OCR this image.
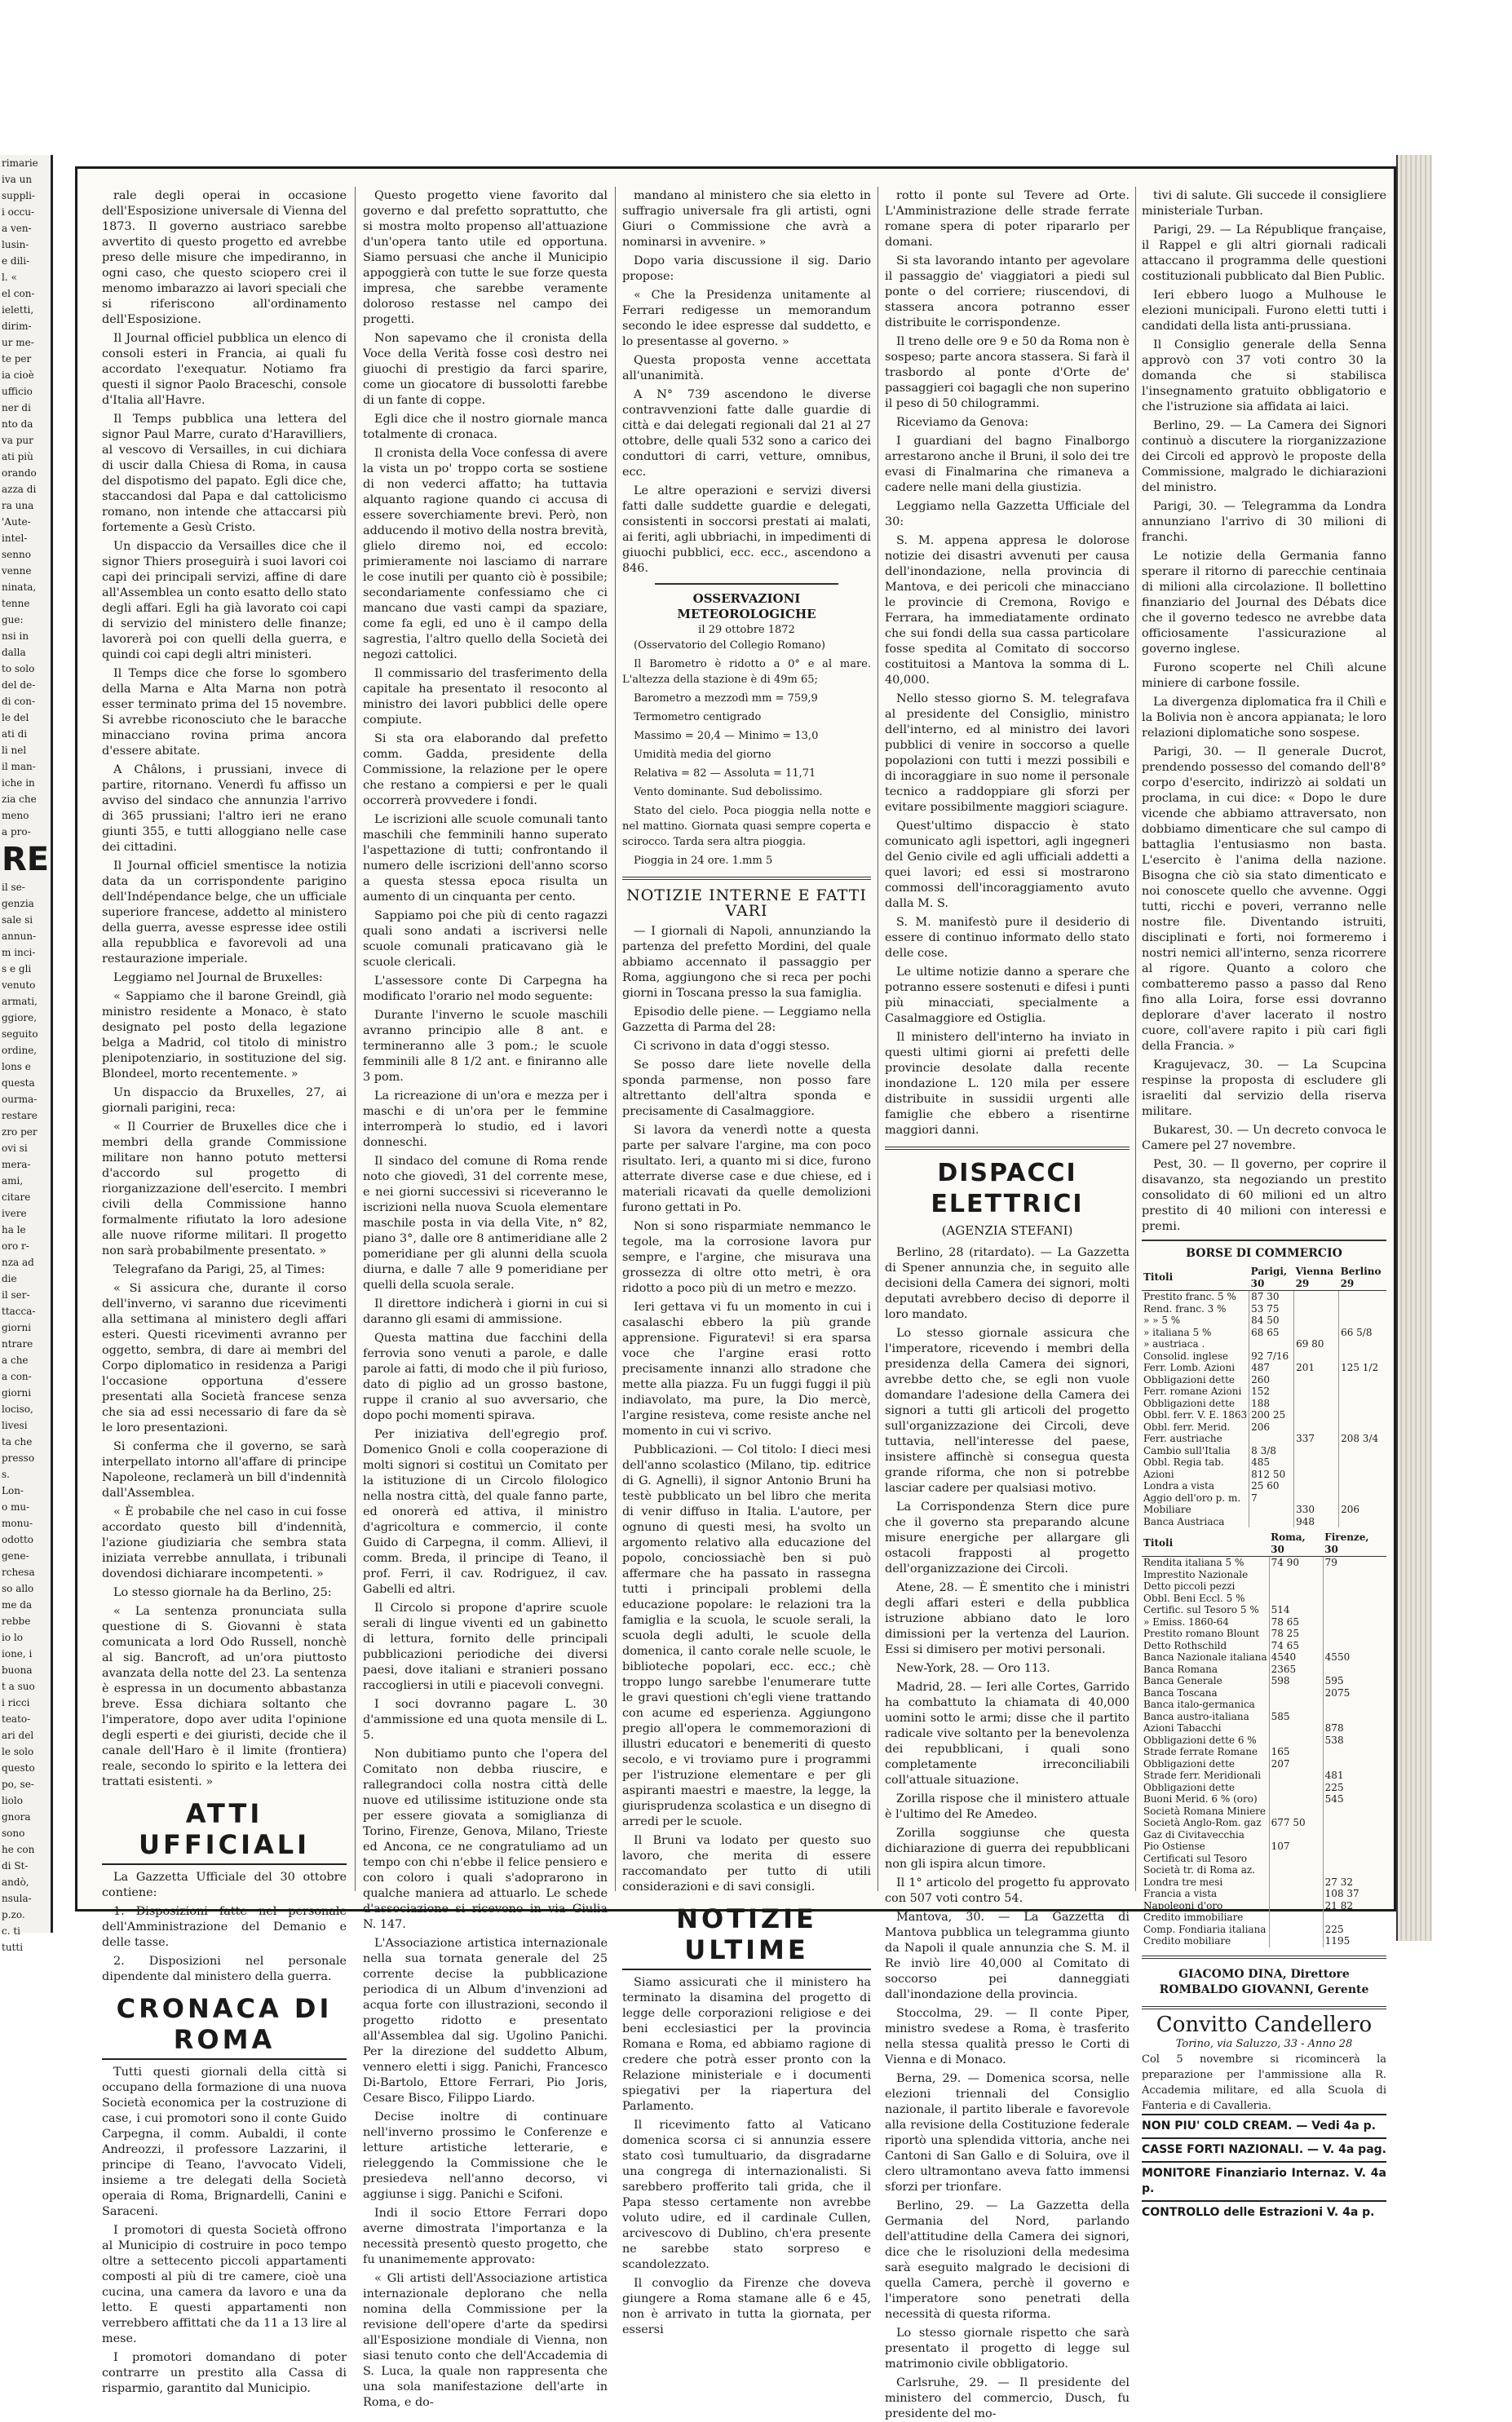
rimarie
iva un
suppli-
i occu-
a ven-
lusin-
e dili-
l. «
el con-
ieletti,
dirim-
ur me-
te per
ia cioè
ufficio
ner di
nto da
va pur
ati più
orando
azza di
ra una
'Aute-
intel-
senno
venne
ninata,
tenne
gue:
nsi in
dalla
to solo
del de-
di con-
le del
ati di
li nel
il man-
iche in
zia che
meno
a pro-
RE
il se-
genzia
sale si
annun-
m inci-
s e gli
venuto
armati,
ggiore,
seguito
ordine,
lons e
questa
ourma-
restare
zro per
ovi si
mera-
ami,
citare
ivere
ha le
oro r-
nza ad
die
il ser-
ttacca-
giorni
ntrare
a che
a con-
giorni
lociso,
livesi
ta che
presso
s.
Lon-
o mu-
monu-
odotto
gene-
rchesa
so allo
me da
rebbe
io lo
ione, i
buona
t a suo
i ricci
teato-
ari del
le solo
questo
po, se-
liolo
gnora
sono
he con
di St-
andò,
nsula-
p.zo.
c. ti
tutti

rale degli operai in occasione dell'Esposizione universale di Vienna del 1873. Il governo austriaco sarebbe avvertito di questo progetto ed avrebbe preso delle misure che impediranno, in ogni caso, che questo sciopero crei il menomo imbarazzo ai lavori speciali che si riferiscono all'ordinamento dell'Esposizione.

Il Journal officiel pubblica un elenco di consoli esteri in Francia, ai quali fu accordato l'exequatur. Notiamo fra questi il signor Paolo Braceschi, console d'Italia all'Havre.

Il Temps pubblica una lettera del signor Paul Marre, curato d'Haravilliers, al vescovo di Versailles, in cui dichiara di uscir dalla Chiesa di Roma, in causa del dispotismo del papato. Egli dice che, staccandosi dal Papa e dal cattolicismo romano, non intende che attaccarsi più fortemente a Gesù Cristo.

Un dispaccio da Versailles dice che il signor Thiers proseguirà i suoi lavori coi capi dei principali servizi, affine di dare all'Assemblea un conto esatto dello stato degli affari. Egli ha già lavorato coi capi di servizio del ministero delle finanze; lavorerà poi con quelli della guerra, e quindi coi capi degli altri ministeri.

Il Temps dice che forse lo sgombero della Marna e Alta Marna non potrà esser terminato prima del 15 novembre. Si avrebbe riconosciuto che le baracche minacciano rovina prima ancora d'essere abitate.

A Châlons, i prussiani, invece di partire, ritornano. Venerdì fu affisso un avviso del sindaco che annunzia l'arrivo di 365 prussiani; l'altro ieri ne erano giunti 355, e tutti alloggiano nelle case dei cittadini.

Il Journal officiel smentisce la notizia data da un corrispondente parigino dell'Indépendance belge, che un ufficiale superiore francese, addetto al ministero della guerra, avesse espresse idee ostili alla repubblica e favorevoli ad una restaurazione imperiale.

Leggiamo nel Journal de Bruxelles:

« Sappiamo che il barone Greindl, già ministro residente a Monaco, è stato designato pel posto della legazione belga a Madrid, col titolo di ministro plenipotenziario, in sostituzione del sig. Blondeel, morto recentemente. »

Un dispaccio da Bruxelles, 27, ai giornali parigini, reca:

« Il Courrier de Bruxelles dice che i membri della grande Commissione militare non hanno potuto mettersi d'accordo sul progetto di riorganizzazione dell'esercito. I membri civili della Commissione hanno formalmente rifiutato la loro adesione alle nuove riforme militari. Il progetto non sarà probabilmente presentato. »

Telegrafano da Parigi, 25, al Times:

« Si assicura che, durante il corso dell'inverno, vi saranno due ricevimenti alla settimana al ministero degli affari esteri. Questi ricevimenti avranno per oggetto, sembra, di dare ai membri del Corpo diplomatico in residenza a Parigi l'occasione opportuna d'essere presentati alla Società francese senza che sia ad essi necessario di fare da sè le loro presentazioni.

Si conferma che il governo, se sarà interpellato intorno all'affare di principe Napoleone, reclamerà un bill d'indennità dall'Assemblea.

« È probabile che nel caso in cui fosse accordato questo bill d'indennità, l'azione giudiziaria che sembra stata iniziata verrebbe annullata, i tribunali dovendosi dichiarare incompetenti. »

Lo stesso giornale ha da Berlino, 25:

« La sentenza pronunciata sulla questione di S. Giovanni è stata comunicata a lord Odo Russell, nonchè al sig. Bancroft, ad un'ora piuttosto avanzata della notte del 23. La sentenza è espressa in un documento abbastanza breve. Essa dichiara soltanto che l'imperatore, dopo aver udita l'opinione degli esperti e dei giuristi, decide che il canale dell'Haro è il limite (frontiera) reale, secondo lo spirito e la lettera dei trattati esistenti. »

ATTI UFFICIALI

La Gazzetta Ufficiale del 30 ottobre contiene:

1. Disposizioni fatte nel personale dell'Amministrazione del Demanio e delle tasse.

2. Disposizioni nel personale dipendente dal ministero della guerra.

CRONACA DI ROMA

Tutti questi giornali della città si occupano della formazione di una nuova Società economica per la costruzione di case, i cui promotori sono il conte Guido Carpegna, il comm. Aubaldi, il conte Andreozzi, il professore Lazzarini, il principe di Teano, l'avvocato Videli, insieme a tre delegati della Società operaia di Roma, Brignardelli, Canini e Saraceni.

I promotori di questa Società offrono al Municipio di costruire in poco tempo oltre a settecento piccoli appartamenti composti al più di tre camere, cioè una cucina, una camera da lavoro e una da letto. E questi appartamenti non verrebbero affittati che da 11 a 13 lire al mese.

I promotori domandano di poter contrarre un prestito alla Cassa di risparmio, garantito dal Municipio.

Questo progetto viene favorito dal governo e dal prefetto soprattutto, che si mostra molto propenso all'attuazione d'un'opera tanto utile ed opportuna. Siamo persuasi che anche il Municipio appoggierà con tutte le sue forze questa impresa, che sarebbe veramente doloroso restasse nel campo dei progetti.

Non sapevamo che il cronista della Voce della Verità fosse così destro nei giuochi di prestigio da farci sparire, come un giocatore di bussolotti farebbe di un fante di coppe.

Egli dice che il nostro giornale manca totalmente di cronaca.

Il cronista della Voce confessa di avere la vista un po' troppo corta se sostiene di non vederci affatto; ha tuttavia alquanto ragione quando ci accusa di essere soverchiamente brevi. Però, non adducendo il motivo della nostra brevità, glielo diremo noi, ed eccolo: primieramente noi lasciamo di narrare le cose inutili per quanto ciò è possibile; secondariamente confessiamo che ci mancano due vasti campi da spaziare, come fa egli, ed uno è il campo della sagrestia, l'altro quello della Società dei negozi cattolici.

Il commissario del trasferimento della capitale ha presentato il resoconto al ministro dei lavori pubblici delle opere compiute.

Si sta ora elaborando dal prefetto comm. Gadda, presidente della Commissione, la relazione per le opere che restano a compiersi e per le quali occorrerà provvedere i fondi.

Le iscrizioni alle scuole comunali tanto maschili che femminili hanno superato l'aspettazione di tutti; confrontando il numero delle iscrizioni dell'anno scorso a questa stessa epoca risulta un aumento di un cinquanta per cento.

Sappiamo poi che più di cento ragazzi quali sono andati a iscriversi nelle scuole comunali praticavano già le scuole clericali.

L'assessore conte Di Carpegna ha modificato l'orario nel modo seguente:

Durante l'inverno le scuole maschili avranno principio alle 8 ant. e termineranno alle 3 pom.; le scuole femminili alle 8 1/2 ant. e finiranno alle 3 pom.

La ricreazione di un'ora e mezza per i maschi e di un'ora per le femmine interromperà lo studio, ed i lavori donneschi.

Il sindaco del comune di Roma rende noto che giovedì, 31 del corrente mese, e nei giorni successivi si riceveranno le iscrizioni nella nuova Scuola elementare maschile posta in via della Vite, n° 82, piano 3°, dalle ore 8 antimeridiane alle 2 pomeridiane per gli alunni della scuola diurna, e dalle 7 alle 9 pomeridiane per quelli della scuola serale.

Il direttore indicherà i giorni in cui si daranno gli esami di ammissione.

Questa mattina due facchini della ferrovia sono venuti a parole, e dalle parole ai fatti, di modo che il più furioso, dato di piglio ad un grosso bastone, ruppe il cranio al suo avversario, che dopo pochi momenti spirava.

Per iniziativa dell'egregio prof. Domenico Gnoli e colla cooperazione di molti signori si costituì un Comitato per la istituzione di un Circolo filologico nella nostra città, del quale fanno parte, ed onorerà ed attiva, il ministro d'agricoltura e commercio, il conte Guido di Carpegna, il comm. Allievi, il comm. Breda, il principe di Teano, il prof. Ferri, il cav. Rodriguez, il cav. Gabelli ed altri.

Il Circolo si propone d'aprire scuole serali di lingue viventi ed un gabinetto di lettura, fornito delle principali pubblicazioni periodiche dei diversi paesi, dove italiani e stranieri possano raccogliersi in utili e piacevoli convegni.

I soci dovranno pagare L. 30 d'ammissione ed una quota mensile di L. 5.

Non dubitiamo punto che l'opera del Comitato non debba riuscire, e rallegrandoci colla nostra città delle nuove ed utilissime istituzione onde sta per essere giovata a somiglianza di Torino, Firenze, Genova, Milano, Trieste ed Ancona, ce ne congratuliamo ad un tempo con chi n'ebbe il felice pensiero e con coloro i quali s'adoprarono in qualche maniera ad attuarlo. Le schede d'associazione si ricevono in via Giulia N. 147.

L'Associazione artistica internazionale nella sua tornata generale del 25 corrente decise la pubblicazione periodica di un Album d'invenzioni ad acqua forte con illustrazioni, secondo il progetto ridotto e presentato all'Assemblea dal sig. Ugolino Panichi. Per la direzione del suddetto Album, vennero eletti i sigg. Panichi, Francesco Di-Bartolo, Ettore Ferrari, Pio Joris, Cesare Bisco, Filippo Liardo.

Decise inoltre di continuare nell'inverno prossimo le Conferenze e letture artistiche letterarie, e rieleggendo la Commissione che le presiedeva nell'anno decorso, vi aggiunse i sigg. Panichi e Scifoni.

Indi il socio Ettore Ferrari dopo averne dimostrata l'importanza e la necessità presentò questo progetto, che fu unanimemente approvato:

« Gli artisti dell'Associazione artistica internazionale deplorano che nella nomina della Commissione per la revisione dell'opere d'arte da spedirsi all'Esposizione mondiale di Vienna, non siasi tenuto conto che dell'Accademia di S. Luca, la quale non rappresenta che una sola manifestazione dell'arte in Roma, e do-

mandano al ministero che sia eletto in suffragio universale fra gli artisti, ogni Giuri o Commissione che avrà a nominarsi in avvenire. »

Dopo varia discussione il sig. Dario propose:

« Che la Presidenza unitamente al Ferrari redigesse un memorandum secondo le idee espresse dal suddetto, e lo presentasse al governo. »

Questa proposta venne accettata all'unanimità.

A N° 739 ascendono le diverse contravvenzioni fatte dalle guardie di città e dai delegati regionali dal 21 al 27 ottobre, delle quali 532 sono a carico dei conduttori di carri, vetture, omnibus, ecc.

Le altre operazioni e servizi diversi fatti dalle suddette guardie e delegati, consistenti in soccorsi prestati ai malati, ai feriti, agli ubbriachi, in impedimenti di giuochi pubblici, ecc. ecc., ascendono a 846.

OSSERVAZIONI METEOROLOGICHE
il 29 ottobre 1872

(Osservatorio del Collegio Romano)

Il Barometro è ridotto a 0° e al mare. L'altezza della stazione è di 49m 65;

Barometro a mezzodì mm = 759,9

Termometro centigrado

Massimo = 20,4 — Minimo = 13,0

Umidità media del giorno

Relativa = 82 — Assoluta = 11,71

Vento dominante. Sud debolissimo.

Stato del cielo. Poca pioggia nella notte e nel mattino. Giornata quasi sempre coperta e scirocco. Tarda sera altra pioggia.

Pioggia in 24 ore. 1.mm 5

NOTIZIE INTERNE E FATTI VARI

— I giornali di Napoli, annunziando la partenza del prefetto Mordini, del quale abbiamo accennato il passaggio per Roma, aggiungono che si reca per pochi giorni in Toscana presso la sua famiglia.

Episodio delle piene. — Leggiamo nella Gazzetta di Parma del 28:

Ci scrivono in data d'oggi stesso.

Se posso dare liete novelle della sponda parmense, non posso fare altrettanto dell'altra sponda e precisamente di Casalmaggiore.

Si lavora da venerdì notte a questa parte per salvare l'argine, ma con poco risultato. Ieri, a quanto mi si dice, furono atterrate diverse case e due chiese, ed i materiali ricavati da quelle demolizioni furono gettati in Po.

Non si sono risparmiate nemmanco le tegole, ma la corrosione lavora pur sempre, e l'argine, che misurava una grossezza di oltre otto metri, è ora ridotto a poco più di un metro e mezzo.

Ieri gettava vi fu un momento in cui i casalaschi ebbero la più grande apprensione. Figuratevi! si era sparsa voce che l'argine erasi rotto precisamente innanzi allo stradone che mette alla piazza. Fu un fuggi fuggi il più indiavolato, ma pure, la Dio mercè, l'argine resisteva, come resiste anche nel momento in cui vi scrivo.

Pubblicazioni. — Col titolo: I dieci mesi dell'anno scolastico (Milano, tip. editrice di G. Agnelli), il signor Antonio Bruni ha testè pubblicato un bel libro che merita di venir diffuso in Italia. L'autore, per ognuno di questi mesi, ha svolto un argomento relativo alla educazione del popolo, conciossiachè ben si può affermare che ha passato in rassegna tutti i principali problemi della educazione popolare: le relazioni tra la famiglia e la scuola, le scuole serali, la scuola degli adulti, le scuole della domenica, il canto corale nelle scuole, le biblioteche popolari, ecc. ecc.; chè troppo lungo sarebbe l'enumerare tutte le gravi questioni ch'egli viene trattando con acume ed esperienza. Aggiungono pregio all'opera le commemorazioni di illustri educatori e benemeriti di questo secolo, e vi troviamo pure i programmi per l'istruzione elementare e per gli aspiranti maestri e maestre, la legge, la giurisprudenza scolastica e un disegno di arredi per le scuole.

Il Bruni va lodato per questo suo lavoro, che merita di essere raccomandato per tutto di utili considerazioni e di savi consigli.

NOTIZIE ULTIME

Siamo assicurati che il ministero ha terminato la disamina del progetto di legge delle corporazioni religiose e dei beni ecclesiastici per la provincia Romana e Roma, ed abbiamo ragione di credere che potrà esser pronto con la Relazione ministeriale e i documenti spiegativi per la riapertura del Parlamento.

Il ricevimento fatto al Vaticano domenica scorsa ci si annunzia essere stato così tumultuario, da disgradarne una congrega di internazionalisti. Si sarebbero profferito tali grida, che il Papa stesso certamente non avrebbe voluto udire, ed il cardinale Cullen, arcivescovo di Dublino, ch'era presente ne sarebbe stato sorpreso e scandolezzato.

Il convoglio da Firenze che doveva giungere a Roma stamane alle 6 e 45, non è arrivato in tutta la giornata, per essersi

rotto il ponte sul Tevere ad Orte. L'Amministrazione delle strade ferrate romane spera di poter ripararlo per domani.

Si sta lavorando intanto per agevolare il passaggio de' viaggiatori a piedi sul ponte o del corriere; riuscendovi, di stassera ancora potranno esser distribuite le corrispondenze.

Il treno delle ore 9 e 50 da Roma non è sospeso; parte ancora stassera. Si farà il trasbordo al ponte d'Orte de' passaggieri coi bagagli che non superino il peso di 50 chilogrammi.

Riceviamo da Genova:

I guardiani del bagno Finalborgo arrestarono anche il Bruni, il solo dei tre evasi di Finalmarina che rimaneva a cadere nelle mani della giustizia.

Leggiamo nella Gazzetta Ufficiale del 30:

S. M. appena appresa le dolorose notizie dei disastri avvenuti per causa dell'inondazione, nella provincia di Mantova, e dei pericoli che minacciano le provincie di Cremona, Rovigo e Ferrara, ha immediatamente ordinato che sui fondi della sua cassa particolare fosse spedita al Comitato di soccorso costituitosi a Mantova la somma di L. 40,000.

Nello stesso giorno S. M. telegrafava al presidente del Consiglio, ministro dell'interno, ed al ministro dei lavori pubblici di venire in soccorso a quelle popolazioni con tutti i mezzi possibili e di incoraggiare in suo nome il personale tecnico a raddoppiare gli sforzi per evitare possibilmente maggiori sciagure.

Quest'ultimo dispaccio è stato comunicato agli ispettori, agli ingegneri del Genio civile ed agli ufficiali addetti a quei lavori; ed essi si mostrarono commossi dell'incoraggiamento avuto dalla M. S.

S. M. manifestò pure il desiderio di essere di continuo informato dello stato delle cose.

Le ultime notizie danno a sperare che potranno essere sostenuti e difesi i punti più minacciati, specialmente a Casalmaggiore ed Ostiglia.

Il ministero dell'interno ha inviato in questi ultimi giorni ai prefetti delle provincie desolate dalla recente inondazione L. 120 mila per essere distribuite in sussidii urgenti alle famiglie che ebbero a risentirne maggiori danni.

DISPACCI ELETTRICI
(AGENZIA STEFANI)

Berlino, 28 (ritardato). — La Gazzetta di Spener annunzia che, in seguito alle decisioni della Camera dei signori, molti deputati avrebbero deciso di deporre il loro mandato.

Lo stesso giornale assicura che l'imperatore, ricevendo i membri della presidenza della Camera dei signori, avrebbe detto che, se egli non vuole domandare l'adesione della Camera dei signori a tutti gli articoli del progetto sull'organizzazione dei Circoli, deve tuttavia, nell'interesse del paese, insistere affinchè si consegua questa grande riforma, che non si potrebbe lasciar cadere per qualsiasi motivo.

La Corrispondenza Stern dice pure che il governo sta preparando alcune misure energiche per allargare gli ostacoli frapposti al progetto dell'organizzazione dei Circoli.

Atene, 28. — È smentito che i ministri degli affari esteri e della pubblica istruzione abbiano dato le loro dimissioni per la vertenza del Laurion. Essi si dimisero per motivi personali.

New-York, 28. — Oro 113.

Madrid, 28. — Ieri alle Cortes, Garrido ha combattuto la chiamata di 40,000 uomini sotto le armi; disse che il partito radicale vive soltanto per la benevolenza dei repubblicani, i quali sono completamente irreconciliabili coll'attuale situazione.

Zorilla rispose che il ministero attuale è l'ultimo del Re Amedeo.

Zorilla soggiunse che questa dichiarazione di guerra dei repubblicani non gli ispira alcun timore.

Il 1° articolo del progetto fu approvato con 507 voti contro 54.

Mantova, 30. — La Gazzetta di Mantova pubblica un telegramma giunto da Napoli il quale annunzia che S. M. il Re inviò lire 40,000 al Comitato di soccorso pei danneggiati dall'inondazione della provincia.

Stoccolma, 29. — Il conte Piper, ministro svedese a Roma, è trasferito nella stessa qualità presso le Corti di Vienna e di Monaco.

Berna, 29. — Domenica scorsa, nelle elezioni triennali del Consiglio nazionale, il partito liberale e favorevole alla revisione della Costituzione federale riportò una splendida vittoria, anche nei Cantoni di San Gallo e di Soluira, ove il clero ultramontano aveva fatto immensi sforzi per trionfare.

Berlino, 29. — La Gazzetta della Germania del Nord, parlando dell'attitudine della Camera dei signori, dice che le risoluzioni della medesima sarà eseguito malgrado le decisioni di quella Camera, perchè il governo e l'imperatore sono penetrati della necessità di questa riforma.

Lo stesso giornale rispetto che sarà presentato il progetto di legge sul matrimonio civile obbligatorio.

Carlsruhe, 29. — Il presidente del ministero del commercio, Dusch, fu presidente del mo-

tivi di salute. Gli succede il consigliere ministeriale Turban.

Parigi, 29. — La République française, il Rappel e gli altri giornali radicali attaccano il programma delle questioni costituzionali pubblicato dal Bien Public.

Ieri ebbero luogo a Mulhouse le elezioni municipali. Furono eletti tutti i candidati della lista anti-prussiana.

Il Consiglio generale della Senna approvò con 37 voti contro 30 la domanda che si stabilisca l'insegnamento gratuito obbligatorio e che l'istruzione sia affidata ai laici.

Berlino, 29. — La Camera dei Signori continuò a discutere la riorganizzazione dei Circoli ed approvò le proposte della Commissione, malgrado le dichiarazioni del ministro.

Parigi, 30. — Telegramma da Londra annunziano l'arrivo di 30 milioni di franchi.

Le notizie della Germania fanno sperare il ritorno di parecchie centinaia di milioni alla circolazione. Il bollettino finanziario del Journal des Débats dice che il governo tedesco ne avrebbe data officiosamente l'assicurazione al governo inglese.

Furono scoperte nel Chilì alcune miniere di carbone fossile.

La divergenza diplomatica fra il Chilì e la Bolivia non è ancora appianata; le loro relazioni diplomatiche sono sospese.

Parigi, 30. — Il generale Ducrot, prendendo possesso del comando dell'8° corpo d'esercito, indirizzò ai soldati un proclama, in cui dice: « Dopo le dure vicende che abbiamo attraversato, non dobbiamo dimenticare che sul campo di battaglia l'entusiasmo non basta. L'esercito è l'anima della nazione. Bisogna che ciò sia stato dimenticato e noi conoscete quello che avvenne. Oggi tutti, ricchi e poveri, verranno nelle nostre file. Diventando istruiti, disciplinati e forti, noi formeremo i nostri nemici all'interno, senza ricorrere al rigore. Quanto a coloro che combatteremo passo a passo dal Reno fino alla Loira, forse essi dovranno deplorare d'aver lacerato il nostro cuore, coll'avere rapito i più cari figli della Francia. »

Kragujevacz, 30. — La Scupcina respinse la proposta di escludere gli israeliti dal servizio della riserva militare.

Bukarest, 30. — Un decreto convoca le Camere pel 27 novembre.

Pest, 30. — Il governo, per coprire il disavanzo, sta negoziando un prestito consolidato di 60 milioni ed un altro prestito di 40 milioni con interessi e premi.

BORSE DI COMMERCIO
Titoli	Parigi, 30	Vienna 29	Berlino 29
Prestito franc. 5 %	87 30		
Rend. franc. 3 %	53 75		
» » 5 %	84 50		
» italiana 5 %	68 65		66 5/8
» austriaca .		69 80	
Consolid. inglese	92 7/16		
Ferr. Lomb. Azioni	487	201	125 1/2
Obbligazioni dette	260		
Ferr. romane Azioni	152		
Obbligazioni dette	188		
Obbl. ferr. V. E. 1863	200 25		
Obbl. ferr. Merid.	206		
Ferr. austriache		337	208 3/4
Cambio sull'Italia	8 3/8		
Obbl. Regia tab.	485		
Azioni	812 50		
Londra a vista	25 60		
Aggio dell'oro p. m.	7		
Mobiliare		330	206
Banca Austriaca		948	
Titoli	Roma, 30	Firenze, 30
Rendita italiana 5 %	74 90	79
Imprestito Nazionale		
Detto piccoli pezzi		
Obbl. Beni Eccl. 5 %		
Certific. sul Tesoro 5 %	514	
» Emiss. 1860-64	78 65	
Prestito romano Blount	78 25	
Detto Rothschild	74 65	
Banca Nazionale italiana	4540	4550
Banca Romana	2365	
Banca Generale	598	595
Banca Toscana		2075
Banca italo-germanica		
Banca austro-italiana	585	
Azioni Tabacchi		878
Obbligazioni dette 6 %		538
Strade ferrate Romane	165	
Obbligazioni dette	207	
Strade ferr. Meridionali		481
Obbligazioni dette		225
Buoni Merid. 6 % (oro)		545
Società Romana Miniere		
Società Anglo-Rom. gaz	677 50	
Gaz di Civitavecchia		
Pio Ostiense	107	
Certificati sul Tesoro		
Società tr. di Roma az.		
Londra tre mesi		27 32
Francia a vista		108 37
Napoleoni d'oro		21 82
Credito immobiliare		
Comp. Fondiaria italiana		225
Credito mobiliare		1195
GIACOMO DINA, Direttore
ROMBALDO GIOVANNI, Gerente
Convitto Candellero
Torino, via Saluzzo, 33 - Anno 28
Col 5 novembre si ricomincerà la preparazione per l'ammissione alla R. Accademia militare, ed alla Scuola di Fanteria e di Cavalleria.
NON PIU' COLD CREAM. — Vedi 4a p.
CASSE FORTI NAZIONALI. — V. 4a pag.
MONITORE Finanziario Internaz. V. 4a p.
CONTROLLO delle Estrazioni V. 4a p.
